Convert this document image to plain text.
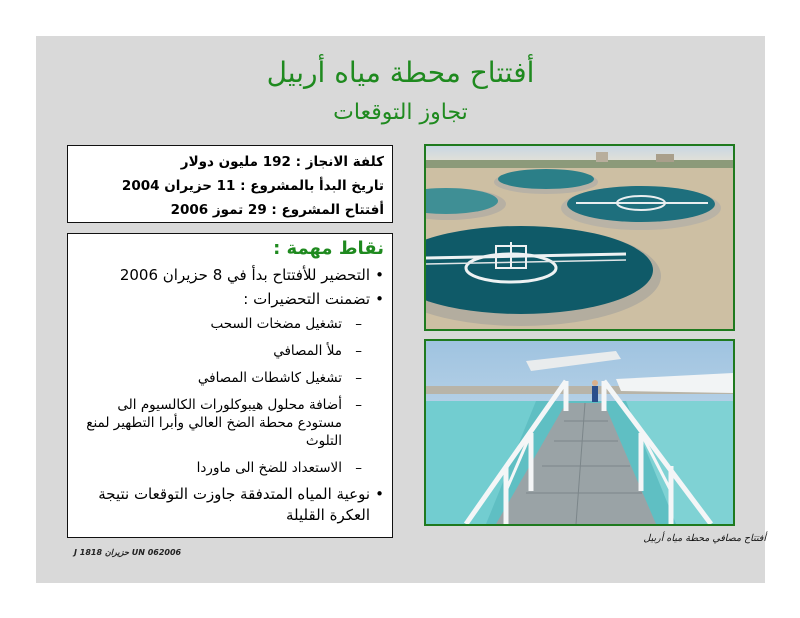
أفتتاح محطة مياه أربيل
تجاوز التوقعات
كلفة الانجاز : 192 مليون دولار
تاريخ البدأ بالمشروع : 11 حزيران 2004
أفتتاح المشروع : 29 تموز 2006
نقاط مهمة :
•
التحضير للأفتتاح بدأ في 8 حزيران 2006
•
تضمنت التحضيرات :
–
تشغيل مضخات السحب
–
ملأ المصافي
–
تشغيل كاشطات المصافي
–
أضافة محلول هيبوكلورات الكالسيوم الى مستودع محطة الضخ العالي وأبرا التطهير لمنع التلوث
–
الاستعداد للضخ الى ماوردا
•
نوعية المياه المتدفقة جاوزت التوقعات نتيجة العكرة القليلة
UN 062006 حزيران 1818 J
أفتتاح مصافي محطة مياه أربيل
